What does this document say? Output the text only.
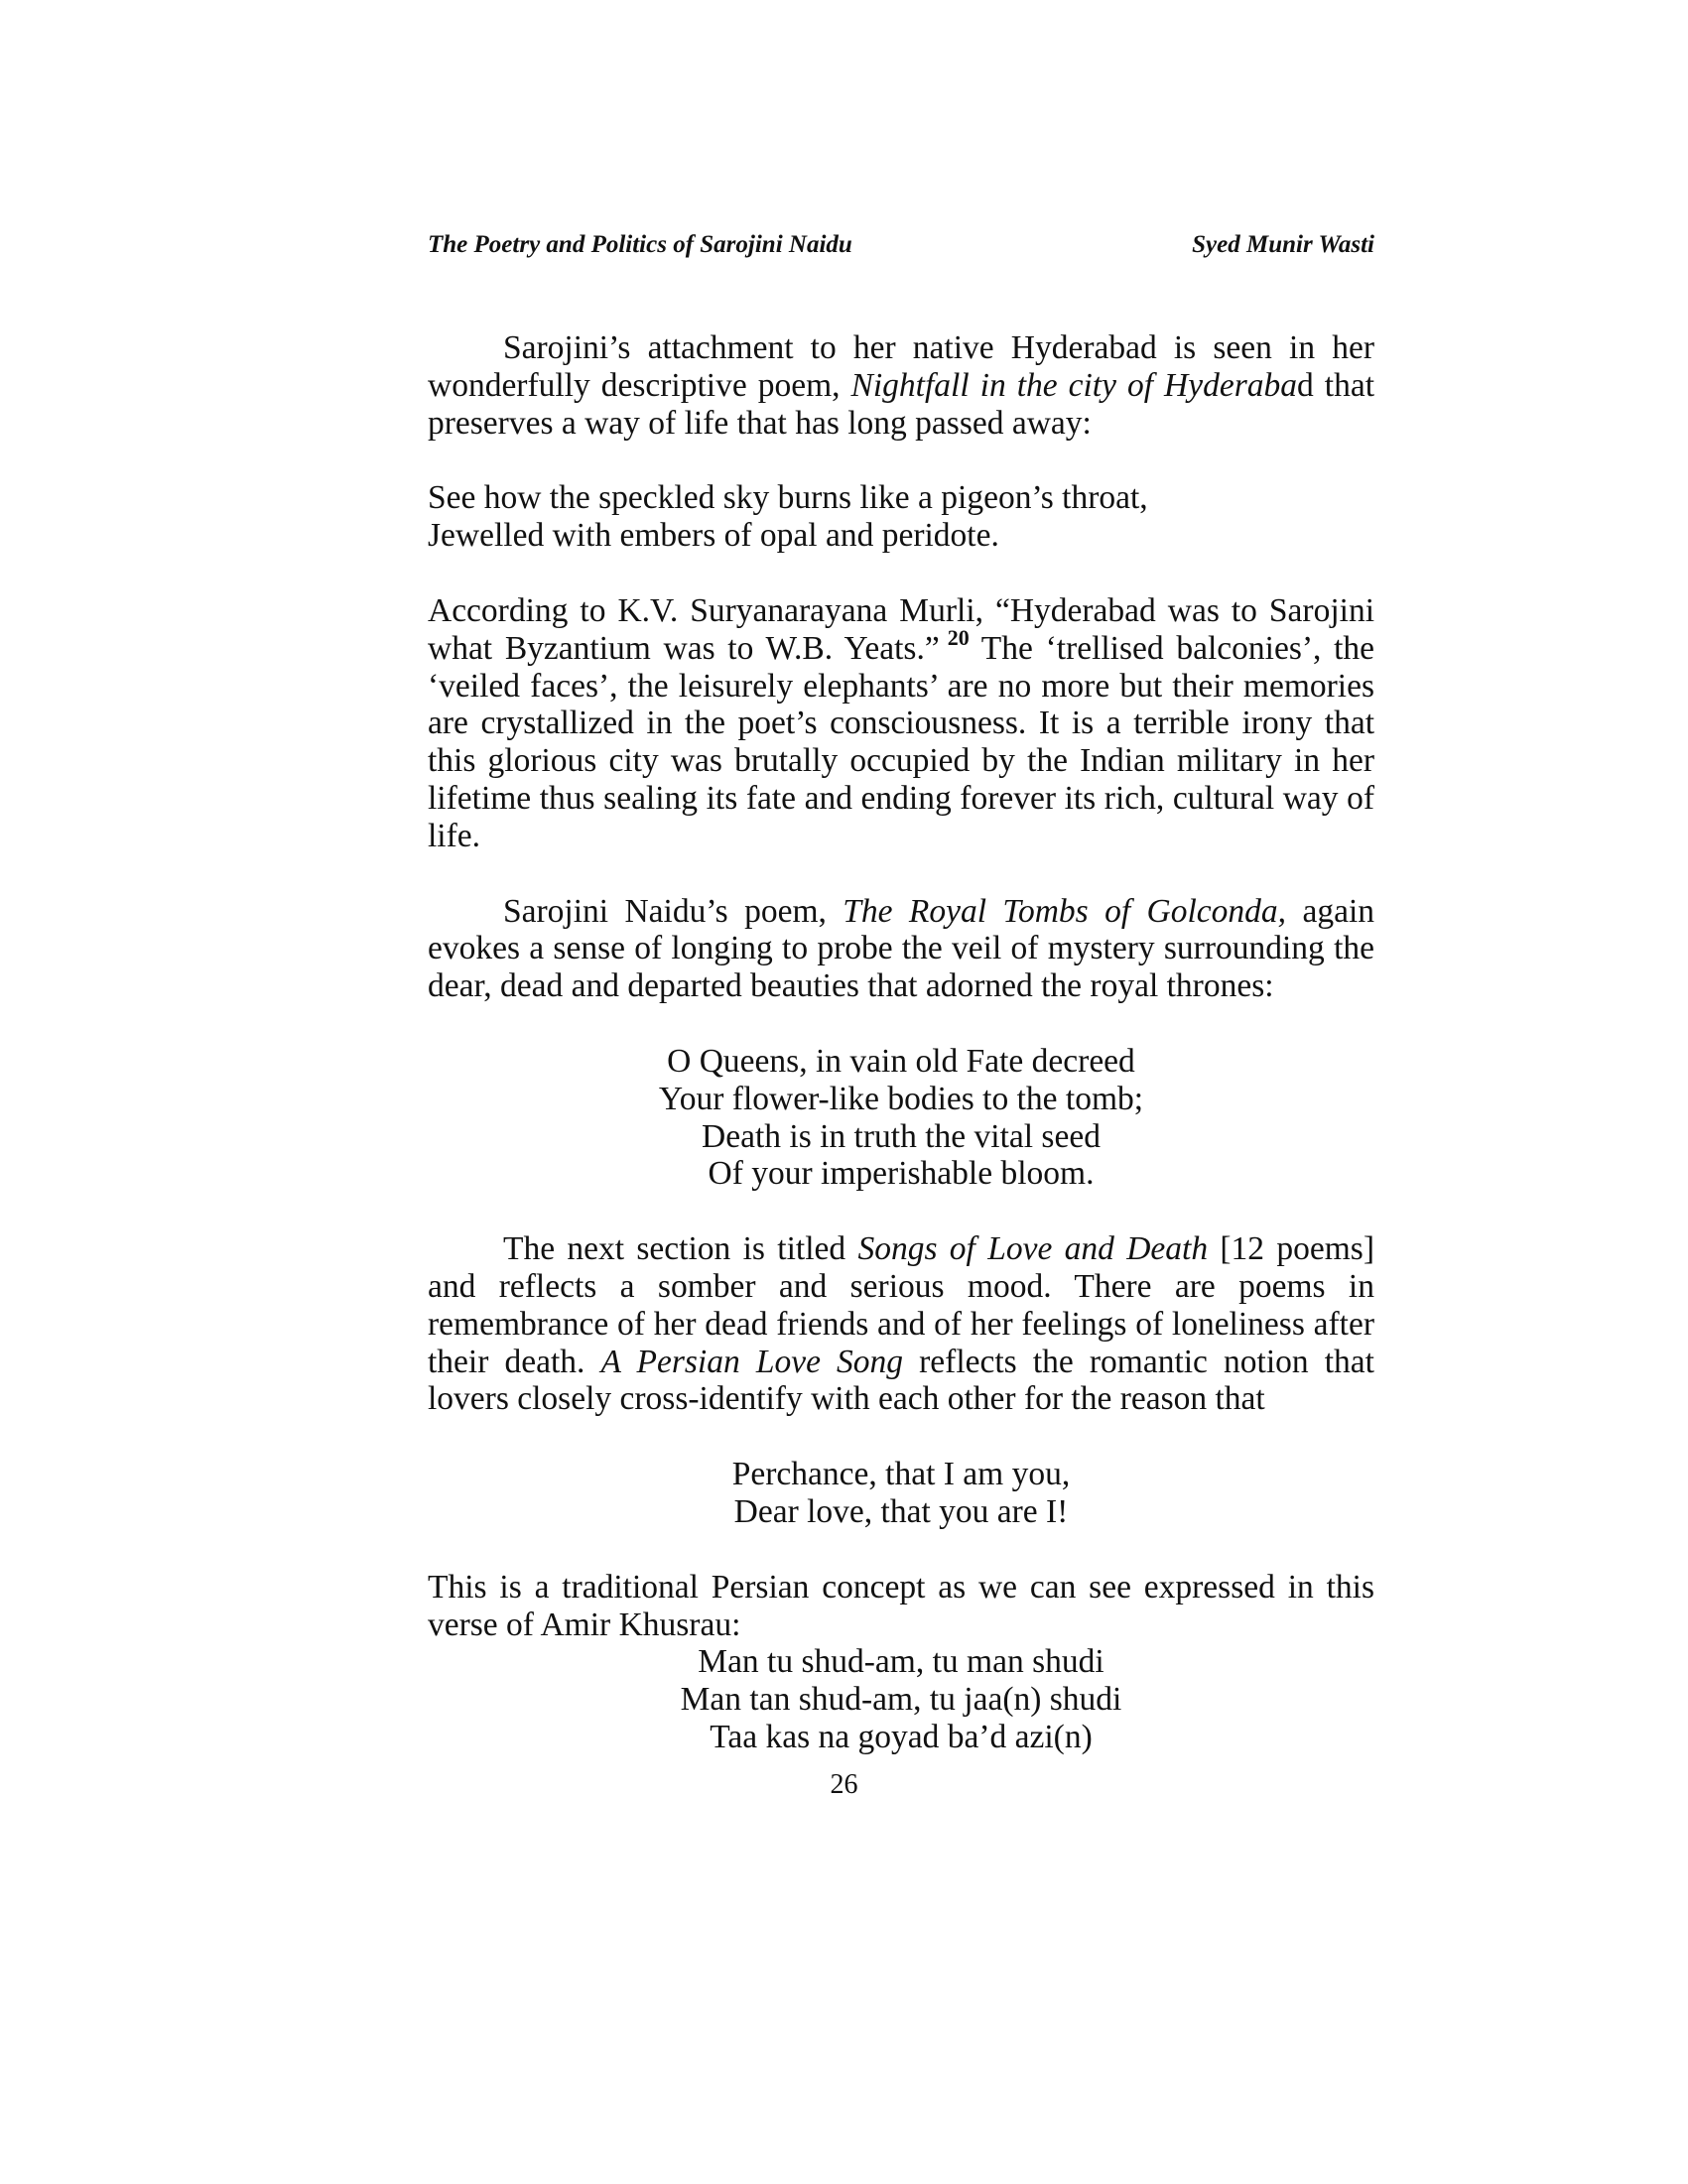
The Poetry and Politics of Sarojini Naidu	Syed Munir Wasti

Sarojini’s attachment to her native Hyderabad is seen in her wonderfully descriptive poem, Nightfall in the city of Hyderabad that preserves a way of life that has long passed away:

See how the speckled sky burns like a pigeon’s throat,
Jewelled with embers of opal and peridote.

According to K.V. Suryanarayana Murli, “Hyderabad was to Sarojini what Byzantium was to W.B. Yeats.” $^{20}$ The ‘trellised balconies’, the ‘veiled faces’, the leisurely elephants’ are no more but their memories are crystallized in the poet’s consciousness. It is a terrible irony that this glorious city was brutally occupied by the Indian military in her lifetime thus sealing its fate and ending forever its rich, cultural way of life.

Sarojini Naidu’s poem, The Royal Tombs of Golconda, again evokes a sense of longing to probe the veil of mystery surrounding the dear, dead and departed beauties that adorned the royal thrones:

O Queens, in vain old Fate decreed
Your flower-like bodies to the tomb;
Death is in truth the vital seed
Of your imperishable bloom.

The next section is titled Songs of Love and Death [12 poems] and reflects a somber and serious mood. There are poems in remembrance of her dead friends and of her feelings of loneliness after their death. A Persian Love Song reflects the romantic notion that lovers closely cross-identify with each other for the reason that

Perchance, that I am you,
Dear love, that you are I!

This is a traditional Persian concept as we can see expressed in this verse of Amir Khusrau:

Man tu shud-am, tu man shudi
Man tan shud-am, tu jaa(n) shudi
Taa kas na goyad ba’d azi(n)

26
